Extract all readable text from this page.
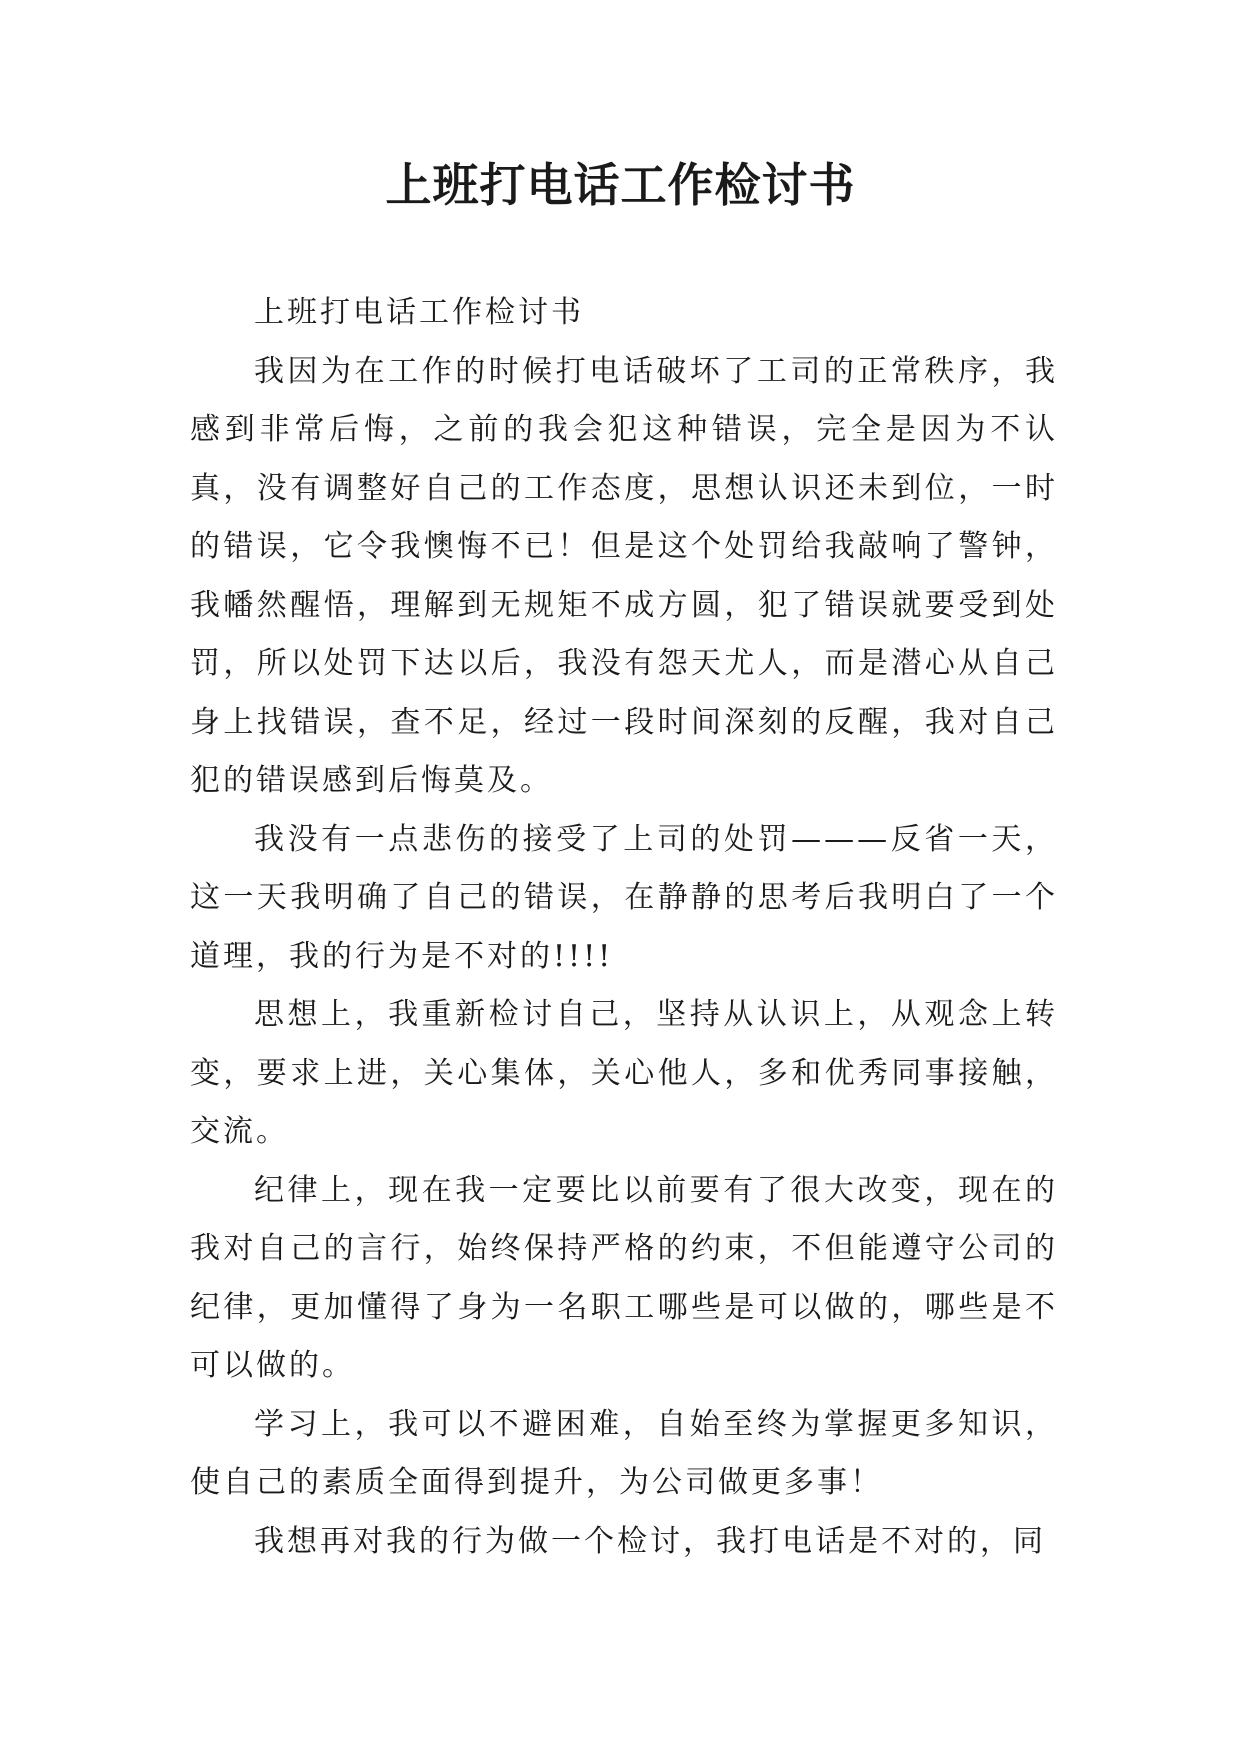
上班打电话工作检讨书

上班打电话工作检讨书

我因为在工作的时候打电话破坏了工司的正常秩序，我感到非常后悔，之前的我会犯这种错误，完全是因为不认真，没有调整好自己的工作态度，思想认识还未到位，一时的错误，它令我懊悔不已！但是这个处罚给我敲响了警钟，我幡然醒悟，理解到无规矩不成方圆，犯了错误就要受到处罚，所以处罚下达以后，我没有怨天尤人，而是潜心从自己身上找错误，查不足，经过一段时间深刻的反醒，我对自己犯的错误感到后悔莫及。

我没有一点悲伤的接受了上司的处罚———反省一天，这一天我明确了自己的错误，在静静的思考后我明白了一个道理，我的行为是不对的!!!!

思想上，我重新检讨自己，坚持从认识上，从观念上转变，要求上进，关心集体，关心他人，多和优秀同事接触，交流。

纪律上，现在我一定要比以前要有了很大改变，现在的我对自己的言行，始终保持严格的约束，不但能遵守公司的纪律，更加懂得了身为一名职工哪些是可以做的，哪些是不可以做的。

学习上，我可以不避困难，自始至终为掌握更多知识，使自己的素质全面得到提升，为公司做更多事！

我想再对我的行为做一个检讨，我打电话是不对的，同
